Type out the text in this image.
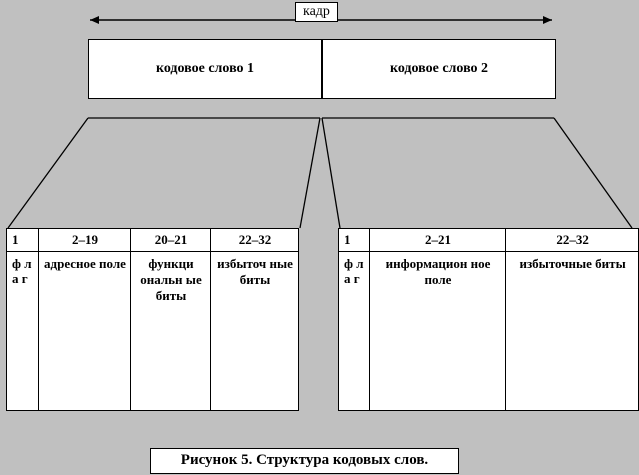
кадр
кодовое слово 1	кодовое слово 2
1	2–19	20–21	22–32
ф л а г	адресное поле	функци ональн ые биты	избыточ ные биты
1	2–21	22–32
ф л а г	информацион ное поле	избыточные биты
Рисунок 5. Структура кодовых слов.
